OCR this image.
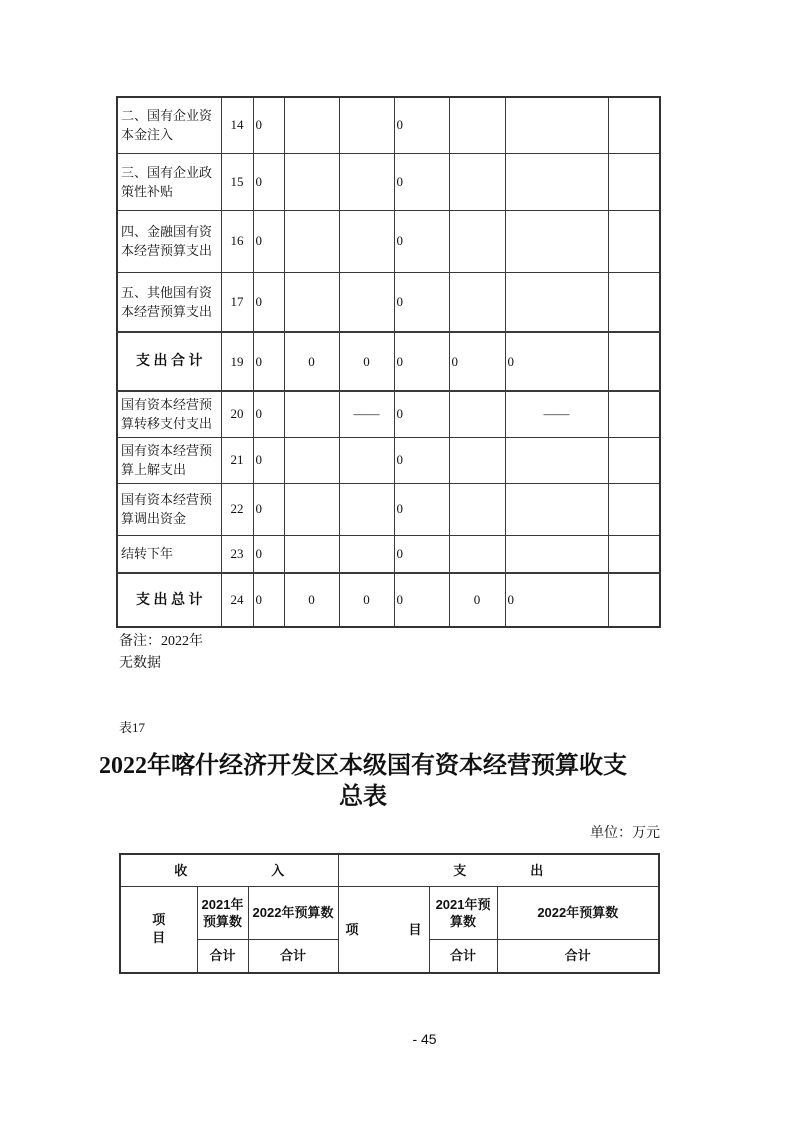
二、国有企业资本金注入	14	0			0			
三、国有企业政策性补贴	15	0			0			
四、金融国有资本经营预算支出	16	0			0			
五、其他国有资本经营预算支出	17	0			0			
支 出 合 计	19	0	0	0	0	0	0	
国有资本经营预算转移支付支出	20	0		——	0		——	
国有资本经营预算上解支出	21	0			0			
国有资本经营预算调出资金	22	0			0			
结转下年	23	0			0			
支 出 总 计	24	0	0	0	0	0	0	
备注：2022年
无数据
表17
2022年喀什经济开发区本级国有资本经营预算收支
总表
单位：万元
收 入			支 出		

项
目	2021年预算数	2022年预算数	项 目	2021年预算数	2022年预算数
	合计	合计		合计	合计
- 45
